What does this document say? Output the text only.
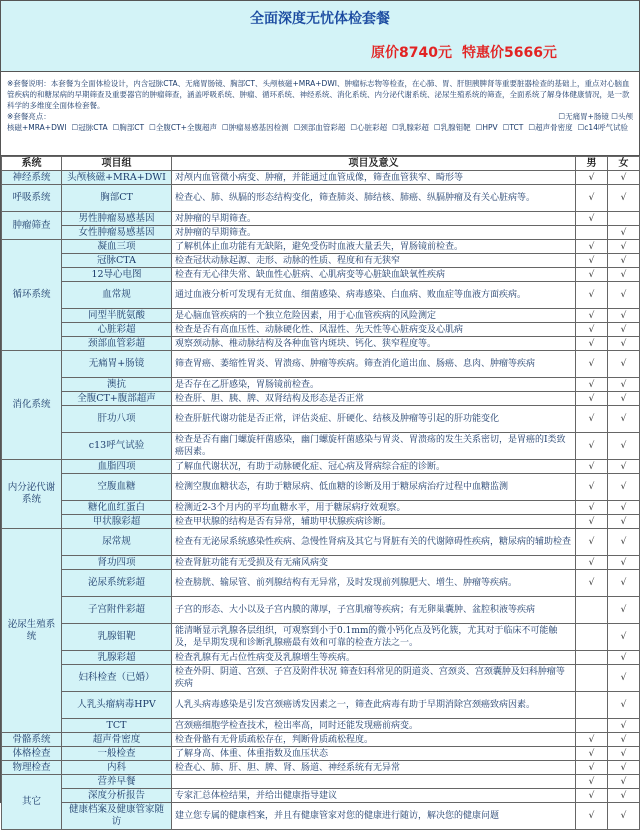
全面深度无忧体检套餐
原价8740元 特惠价5666元
※套餐说明：本套餐为全面体检设计，内含冠脉CTA、无痛胃肠镜、胸部CT、头颅核磁+MRA+DWI、肿瘤标志物等检查，在心肺、胃、肝胆胰脾肾等重要脏器检查的基础上，重点对心脑血管疾病的和糖尿病的早期筛查及重要器官的肿瘤筛查，涵盖呼吸系统、肿瘤、循环系统、神经系统、消化系统、内分泌代谢系统、泌尿生殖系统的筛查，全面系统了解身体健康情况，是一款科学的多维度全面体检套餐。
※套餐亮点：	☐无痛胃+肠镜 ☐头颅
核磁+MRA+DWI ☐冠脉CTA ☐胸部CT ☐全腹CT+全腹超声 ☐肿瘤易感基因检测 ☐颈部血管彩超 ☐心脏彩超 ☐乳腺彩超 ☐乳腺钼靶 ☐HPV ☐TCT ☐超声骨密度 ☐c14呼气试验
系统	项目组	项目及意义	男	女
神经系统	头颅核磁+MRA+DWI	对颅内血管微小病变、肿瘤，并能通过血管成像，筛查血管狭窄、畸形等	√	√
呼吸系统	胸部CT	检查心、肺、纵膈的形态结构变化，筛查肺炎、肺结核、肺癌、纵膈肿瘤及有关心脏病等。	√	√
肿瘤筛查	男性肿瘤易感基因	对肿瘤的早期筛查。	√	
	女性肿瘤易感基因	对肿瘤的早期筛查。		√
循环系统	凝血三项	了解机体止血功能有无缺陷，避免受伤时血液大量丢失，胃肠镜前检查。	√	√
	冠脉CTA	检查冠状动脉起源、走形、动脉的性质、程度和有无狭窄	√	√
	12导心电图	检查有无心律失常、缺血性心脏病、心肌病变等心脏缺血缺氧性疾病	√	√
	血常规	通过血液分析可发现有无贫血、细菌感染、病毒感染、白血病、败血症等血液方面疾病。	√	√
	同型半胱氨酸	是心脑血管疾病的一个独立危险因素，用于心血管疾病的风险测定	√	√
	心脏彩超	检查是否有高血压性、动脉硬化性、风湿性、先天性等心脏病变及心肌病	√	√
	颈部血管彩超	观察颈动脉、椎动脉结构及各种血管内斑块、钙化、狭窄程度等。	√	√
消化系统	无痛胃+肠镜	筛查胃癌、萎缩性胃炎、胃溃疡、肿瘤等疾病。筛查消化道出血、肠癌、息肉、肿瘤等疾病	√	√
	澳抗	是否存在乙肝感染，胃肠镜前检查。	√	√
	全腹CT+腹部超声	检查肝、胆、胰、脾、双肾结构及形态是否正常	√	√
	肝功八项	检查肝脏代谢功能是否正常，评估炎症、肝硬化、结核及肿瘤等引起的肝功能变化	√	√
	c13呼气试验	检查是否有幽门螺旋杆菌感染，幽门螺旋杆菌感染与胃炎、胃溃疡的发生关系密切，是胃癌的I类致癌因素。	√	√
内分泌代谢系统	血脂四项	了解血代谢状况，有助于动脉硬化症、冠心病及肾病综合症的诊断。	√	√
	空腹血糖	检测空腹血糖状态，有助于糖尿病、低血糖的诊断及用于糖尿病治疗过程中血糖监测	√	√
	糖化血红蛋白	检测近2-3个月内的平均血糖水平，用于糖尿病疗效观察。	√	√
	甲状腺彩超	检查甲状腺的结构是否有异常，辅助甲状腺疾病诊断。	√	√
泌尿生殖系统	尿常规	检查有无泌尿系统感染性疾病、急慢性肾病及其它与肾脏有关的代谢障碍性疾病，糖尿病的辅助检查	√	√
	肾功四项	检查肾脏功能有无受损及有无痛风病变	√	√
	泌尿系统彩超	检查膀胱、输尿管、前列腺结构有无异常，及时发现前列腺肥大、增生、肿瘤等疾病。	√	√
	子宫附件彩超	子宫的形态、大小以及子宫内膜的薄厚，子宫肌瘤等疾病；有无卵巢囊肿、盆腔积液等疾病		√
	乳腺钼靶	能清晰显示乳腺各层组织，可观察到小于0.1mm的微小钙化点及钙化簇，尤其对于临床不可能触及，是早期发现和诊断乳腺癌最有效和可靠的检查方法之一。		√
	乳腺彩超	检查乳腺有无占位性病变及乳腺增生等疾病。		√
	妇科检查（已婚）	检查外阴、阴道、宫颈、子宫及附件状况 筛查妇科常见的阴道炎、宫颈炎、宫颈囊肿及妇科肿瘤等疾病		√
	人乳头瘤病毒HPV	人乳头病毒感染是引发宫颈癌诱发因素之一，筛查此病毒有助于早期消除宫颈癌致病因素。		√
	TCT	宫颈癌细胞学检查技术，检出率高，同时还能发现癌前病变。		√
骨骼系统	超声骨密度	检查骨骼有无骨质疏松存在，判断骨质疏松程度。	√	√
体格检查	一般检查	了解身高、体重、体重指数及血压状态	√	√
物理检查	内科	检查心、肺、肝、胆、脾、肾、肠道、神经系统有无异常	√	√
其它	营养早餐		√	√
	深度分析报告	专家汇总体检结果，并给出健康指导建议	√	√
	健康档案及健康管家随访	建立您专属的健康档案，并且有健康管家对您的健康进行随访，解决您的健康问题	√	√
